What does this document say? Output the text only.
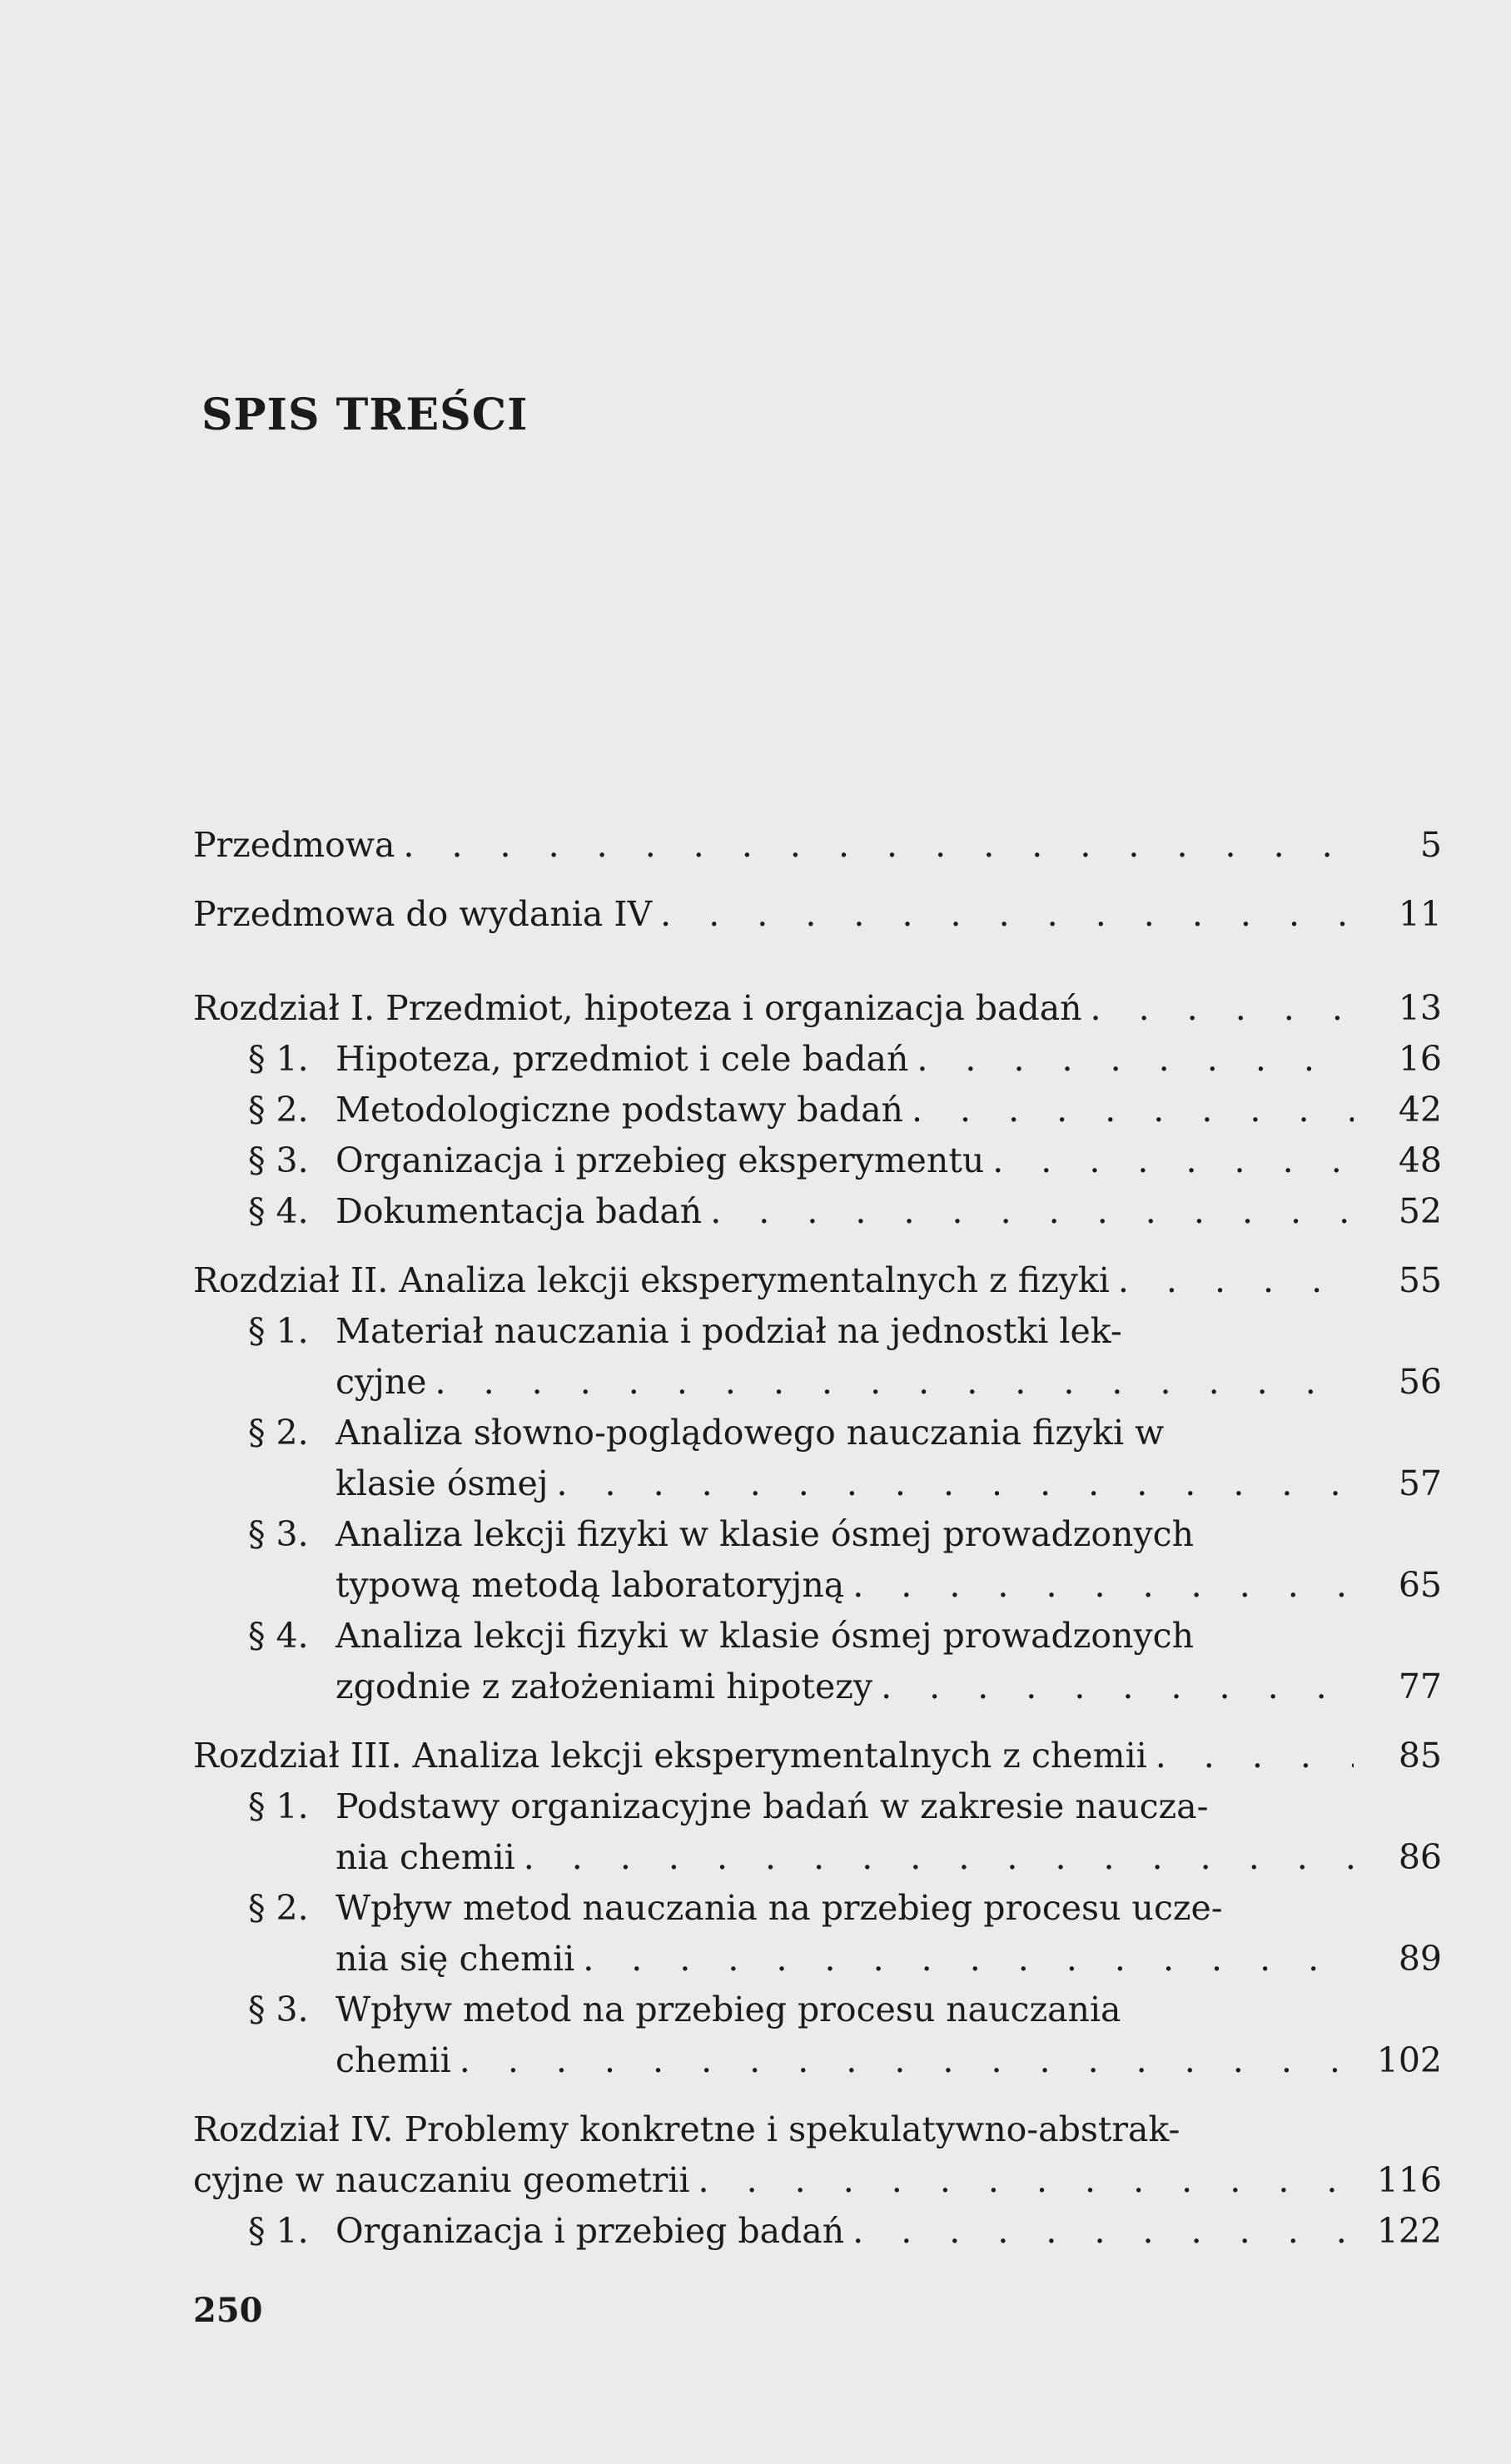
SPIS TREŚCI
Przedmowa . . .	5
Przedmowa do wydania IV . . .	11
Rozdział I. Przedmiot, hipoteza i organizacja badań . . .	13
§ 1. Hipoteza, przedmiot i cele badań . . .	16
§ 2. Metodologiczne podstawy badań . . .	42
§ 3. Organizacja i przebieg eksperymentu . . .	48
§ 4. Dokumentacja badań . . .	52
Rozdział II. Analiza lekcji eksperymentalnych z fizyki . . .	55
§ 1. Materiał nauczania i podział na jednostki lek-
cyjne . . .	56
§ 2. Analiza słowno-poglądowego nauczania fizyki w
klasie ósmej . . .	57
§ 3. Analiza lekcji fizyki w klasie ósmej prowadzonych
typową metodą laboratoryjną . . .	65
§ 4. Analiza lekcji fizyki w klasie ósmej prowadzonych
zgodnie z założeniami hipotezy . . .	77
Rozdział III. Analiza lekcji eksperymentalnych z chemii . . .	85
§ 1. Podstawy organizacyjne badań w zakresie naucza-
nia chemii . . .	86
§ 2. Wpływ metod nauczania na przebieg procesu ucze-
nia się chemii . . .	89
§ 3. Wpływ metod na przebieg procesu nauczania
chemii . . .	102
Rozdział IV. Problemy konkretne i spekulatywno-abstrak-
cyjne w nauczaniu geometrii . . .	116
§ 1. Organizacja i przebieg badań . . .	122
250
